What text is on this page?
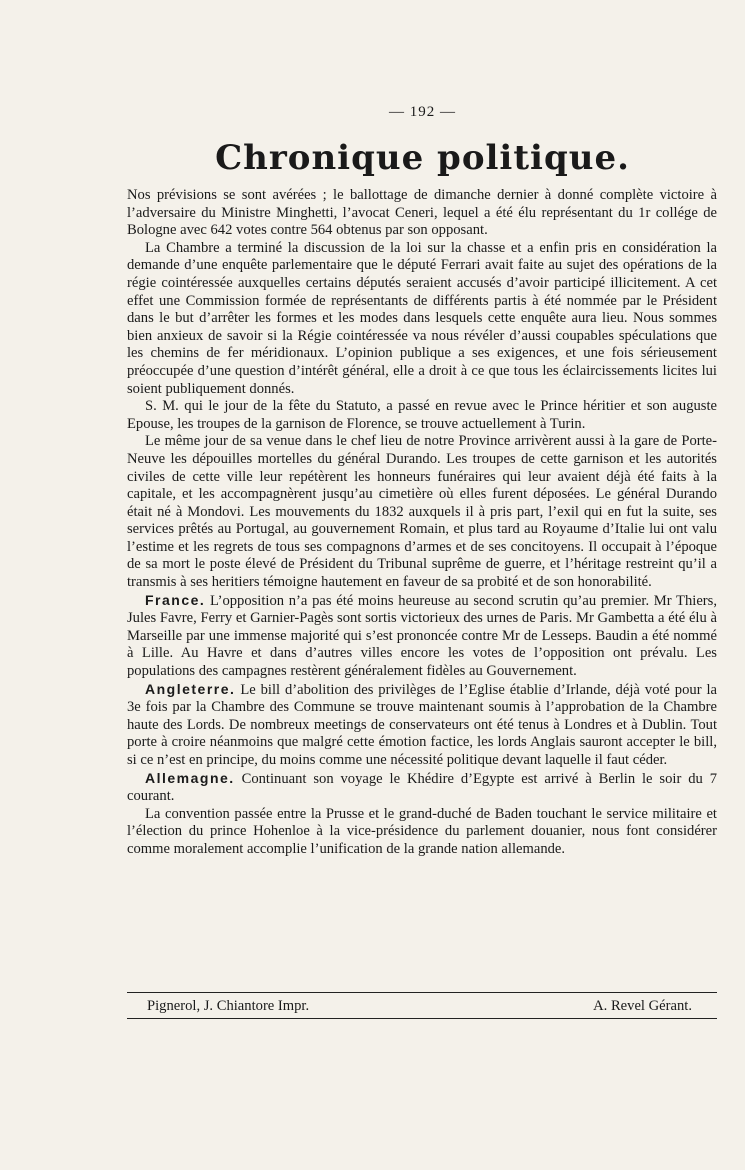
— 192 —
Chronique politique.

Nos prévisions se sont avérées ; le ballottage de dimanche dernier à donné complète victoire à l’adversaire du Ministre Minghetti, l’avocat Ceneri, lequel a été élu représentant du 1r collége de Bologne avec 642 votes contre 564 obtenus par son opposant.

La Chambre a terminé la discussion de la loi sur la chasse et a enfin pris en considération la demande d’une enquête parlementaire que le député Ferrari avait faite au sujet des opérations de la régie cointéressée auxquelles certains députés seraient accusés d’avoir participé illicitement. A cet effet une Commission formée de représentants de différents partis à été nommée par le Président dans le but d’arrêter les formes et les modes dans lesquels cette enquête aura lieu. Nous sommes bien anxieux de savoir si la Régie cointéressée va nous révéler d’aussi coupables spéculations que les chemins de fer méridionaux. L’opinion publique a ses exigences, et une fois sérieusement préoccupée d’une question d’intérêt général, elle a droit à ce que tous les éclaircissements licites lui soient publiquement donnés.

S. M. qui le jour de la fête du Statuto, a passé en revue avec le Prince héritier et son auguste Epouse, les troupes de la garnison de Florence, se trouve actuellement à Turin.

Le même jour de sa venue dans le chef lieu de notre Province arrivèrent aussi à la gare de Porte-Neuve les dépouilles mortelles du général Durando. Les troupes de cette garnison et les autorités civiles de cette ville leur repétèrent les honneurs funéraires qui leur avaient déjà été faits à la capitale, et les accompagnèrent jusqu’au cimetière où elles furent déposées. Le général Durando était né à Mondovi. Les mouvements du 1832 auxquels il à pris part, l’exil qui en fut la suite, ses services prêtés au Portugal, au gouvernement Romain, et plus tard au Royaume d’Italie lui ont valu l’estime et les regrets de tous ses compagnons d’armes et de ses concitoyens. Il occupait à l’époque de sa mort le poste élevé de Président du Tribunal suprême de guerre, et l’héritage restreint qu’il a transmis à ses heritiers témoigne hautement en faveur de sa probité et de son honorabilité.

France. L’opposition n’a pas été moins heureuse au second scrutin qu’au premier. Mr Thiers, Jules Favre, Ferry et Garnier-Pagès sont sortis victorieux des urnes de Paris. Mr Gambetta a été élu à Marseille par une immense majorité qui s’est prononcée contre Mr de Lesseps. Baudin a été nommé à Lille. Au Havre et dans d’autres villes encore les votes de l’opposition ont prévalu. Les populations des campagnes restèrent généralement fidèles au Gouvernement.

Angleterre. Le bill d’abolition des privilèges de l’Eglise établie d’Irlande, déjà voté pour la 3e fois par la Chambre des Commune se trouve maintenant soumis à l’approbation de la Chambre haute des Lords. De nombreux meetings de conservateurs ont été tenus à Londres et à Dublin. Tout porte à croire néanmoins que malgré cette émotion factice, les lords Anglais sauront accepter le bill, si ce n’est en principe, du moins comme une nécessité politique devant laquelle il faut céder.

Allemagne. Continuant son voyage le Khédire d’Egypte est arrivé à Berlin le soir du 7 courant.

La convention passée entre la Prusse et le grand-duché de Baden touchant le service militaire et l’élection du prince Hohenloe à la vice-présidence du parlement douanier, nous font considérer comme moralement accomplie l’unification de la grande nation allemande.

Pignerol, J. Chiantore Impr.	A. Revel Gérant.
